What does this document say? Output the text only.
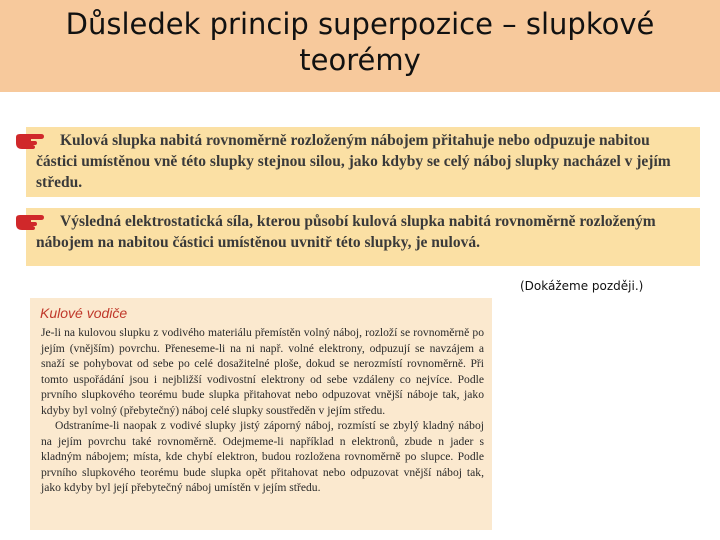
Důsledek princip superpozice – slupkové
teorémy
Kulová slupka nabitá rovnoměrně rozloženým nábojem přitahuje nebo odpuzuje nabitou částici umístěnou vně této slupky stejnou silou, jako kdyby se celý náboj slupky nacházel v jejím středu.
Výsledná elektrostatická síla, kterou působí kulová slupka nabitá rovnoměrně rozloženým nábojem na nabitou částici umístěnou uvnitř této slupky, je nulová.
(Dokážeme později.)
Kulové vodiče

Je-li na kulovou slupku z vodivého materiálu přemístěn volný náboj, rozloží se rovnoměrně po jejím (vnějším) povrchu. Přeneseme-li na ni např. volné elektrony, odpuzují se navzájem a snaží se pohybovat od sebe po celé dosažitelné ploše, dokud se nerozmístí rovnoměrně. Při tomto uspořádání jsou i nejbližší vodivostní elektrony od sebe vzdáleny co nejvíce. Podle prvního slupkového teorému bude slupka přitahovat nebo odpuzovat vnější náboje tak, jako kdyby byl volný (přebytečný) náboj celé slupky soustředěn v jejím středu.

Odstraníme-li naopak z vodivé slupky jistý záporný náboj, rozmístí se zbylý kladný náboj na jejím povrchu také rovnoměrně. Odejmeme-li například n elektronů, zbude n jader s kladným nábojem; místa, kde chybí elektron, budou rozložena rovnoměrně po slupce. Podle prvního slupkového teorému bude slupka opět přitahovat nebo odpuzovat vnější náboj tak, jako kdyby byl její přebytečný náboj umístěn v jejím středu.
